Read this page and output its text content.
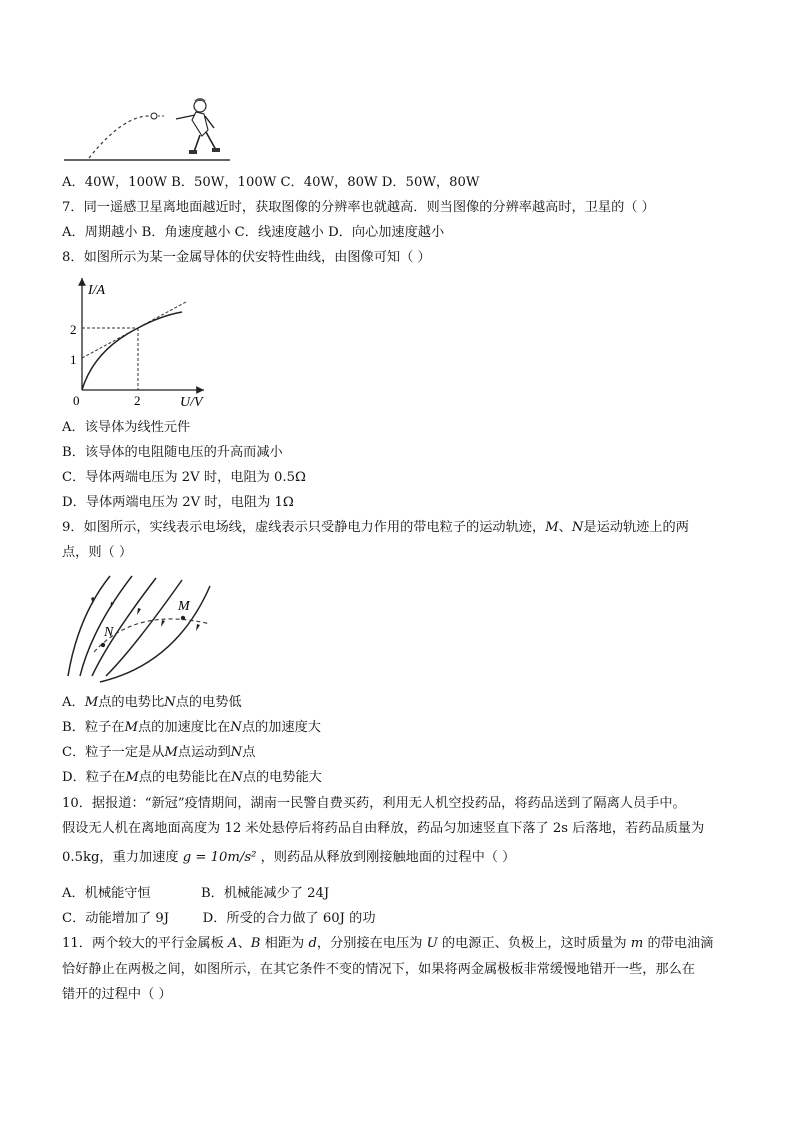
A．40W，100W B．50W，100W C．40W，80W D．50W，80W
7．同一遥感卫星离地面越近时，获取图像的分辨率也就越高．则当图像的分辨率越高时，卫星的（ ）
A．周期越小 B．角速度越小 C．线速度越小 D．向心加速度越小
8．如图所示为某一金属导体的伏安特性曲线，由图像可知（ ）
I/A
U/V
0
2
1
2
A．该导体为线性元件
B．该导体的电阻随电压的升高而减小
C．导体两端电压为 2V 时，电阻为 0.5Ω
D．导体两端电压为 2V 时，电阻为 1Ω
9．如图所示，实线表示电场线，虚线表示只受静电力作用的带电粒子的运动轨迹，M、N是运动轨迹上的两
点，则（ ）
N
M
A．M点的电势比N点的电势低
B．粒子在M点的加速度比在N点的加速度大
C．粒子一定是从M点运动到N点
D．粒子在M点的电势能比在N点的电势能大
10．据报道：“新冠”疫情期间，湖南一民警自费买药，利用无人机空投药品，将药品送到了隔离人员手中。
假设无人机在离地面高度为 12 米处悬停后将药品自由释放，药品匀加速竖直下落了 2s 后落地，若药品质量为
0.5kg，重力加速度 g = 10m/s² ，则药品从释放到刚接触地面的过程中（ ）
A．机械能守恒            B．机械能减少了 24J
C．动能增加了 9J        D．所受的合力做了 60J 的功
11．两个较大的平行金属板 A、B 相距为 d，分别接在电压为 U 的电源正、负极上，这时质量为 m 的带电油滴
恰好静止在两极之间，如图所示，在其它条件不变的情况下，如果将两金属极板非常缓慢地错开一些，那么在
错开的过程中（ ）
